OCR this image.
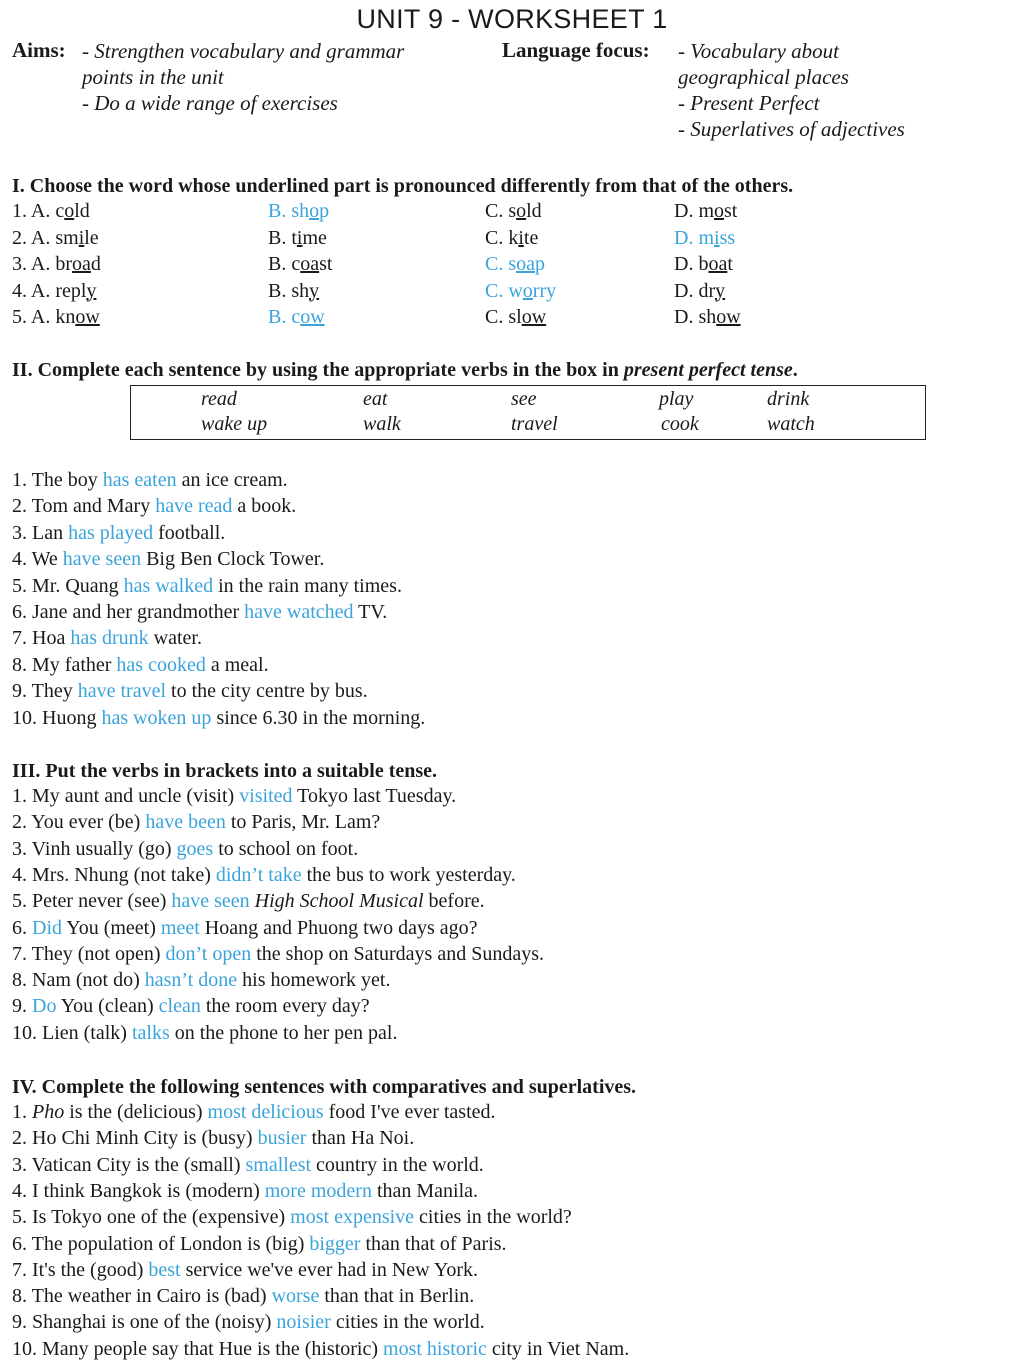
UNIT 9 - WORKSHEET 1
Aims: - Strengthen vocabulary and grammar
points in the unit
- Do a wide range of exercises
Language focus: - Vocabulary about
geographical places
- Present Perfect
- Superlatives of adjectives
I. Choose the word whose underlined part is pronounced differently from that of the others.
1. A. cold	B. shop	C. sold	D. most
2. A. smile	B. time	C. kite	D. miss
3. A. broad	B. coast	C. soap	D. boat
4. A. reply	B. shy	C. worry	D. dry
5. A. know	B. cow	C. slow	D. show
II. Complete each sentence by using the appropriate verbs in the box in present perfect tense.
read	eat	see	play	drink
wake up	walk	travel	cook	watch
1. The boy has eaten an ice cream.
2. Tom and Mary have read a book.
3. Lan has played football.
4. We have seen Big Ben Clock Tower.
5. Mr. Quang has walked in the rain many times.
6. Jane and her grandmother have watched TV.
7. Hoa has drunk water.
8. My father has cooked a meal.
9. They have travel to the city centre by bus.
10. Huong has woken up since 6.30 in the morning.
III. Put the verbs in brackets into a suitable tense.
1. My aunt and uncle (visit) visited Tokyo last Tuesday.
2. You ever (be) have been to Paris, Mr. Lam?
3. Vinh usually (go) goes to school on foot.
4. Mrs. Nhung (not take) didn’t take the bus to work yesterday.
5. Peter never (see) have seen High School Musical before.
6. Did You (meet) meet Hoang and Phuong two days ago?
7. They (not open) don’t open the shop on Saturdays and Sundays.
8. Nam (not do) hasn’t done his homework yet.
9. Do You (clean) clean the room every day?
10. Lien (talk) talks on the phone to her pen pal.
IV. Complete the following sentences with comparatives and superlatives.
1. Pho is the (delicious) most delicious food I've ever tasted.
2. Ho Chi Minh City is (busy) busier than Ha Noi.
3. Vatican City is the (small) smallest country in the world.
4. I think Bangkok is (modern) more modern than Manila.
5. Is Tokyo one of the (expensive) most expensive cities in the world?
6. The population of London is (big) bigger than that of Paris.
7. It's the (good) best service we've ever had in New York.
8. The weather in Cairo is (bad) worse than that in Berlin.
9. Shanghai is one of the (noisy) noisier cities in the world.
10. Many people say that Hue is the (historic) most historic city in Viet Nam.
